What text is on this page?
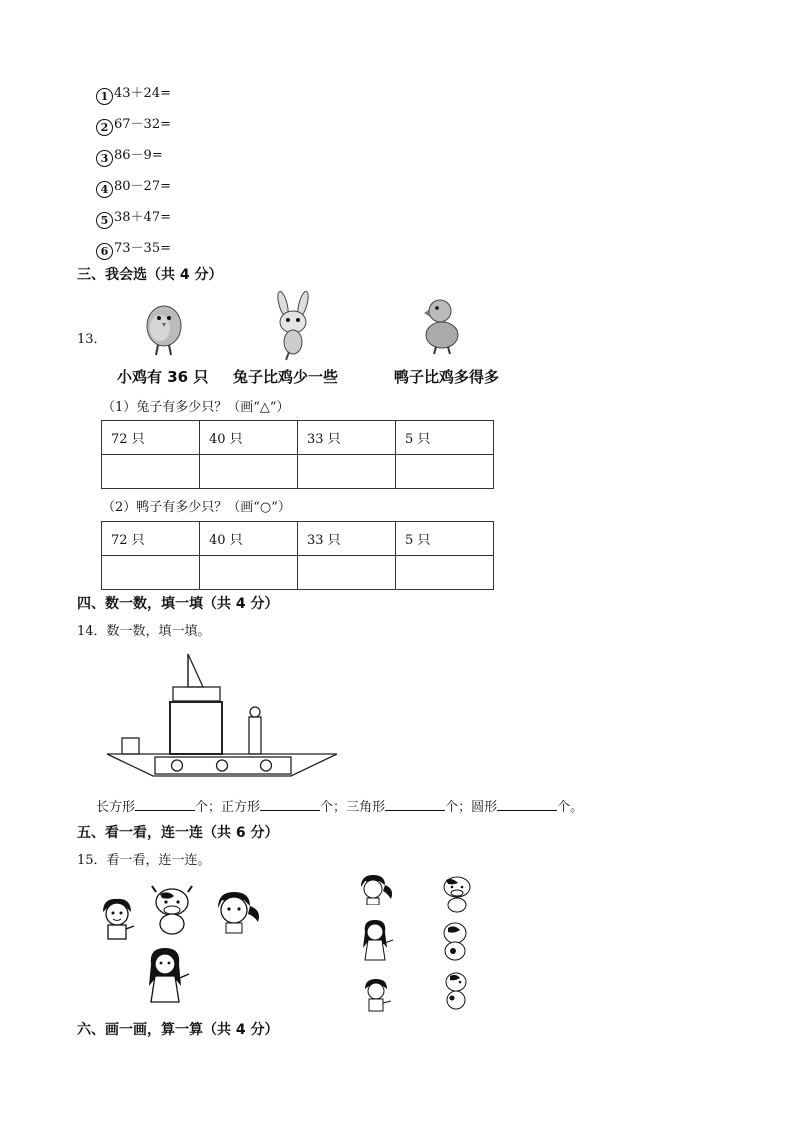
1 43＋24=
2 67－32=
3 86－9=
4 80－27=
5 38＋47=
6 73－35=
三、我会选（共 4 分）
13．
小鸡有 36 只 兔子比鸡少一些	鸭子比鸡多得多
（1）兔子有多少只？（画“△”）
72 只	40 只	33 只	5 只

（2）鸭子有多少只？（画“○”）
72 只	40 只	33 只	5 只

四、数一数，填一填（共 4 分）
14．数一数，填一填。
长方形	个；正方形	个；三角形	个；圆形	个。
五、看一看，连一连（共 6 分）
15．看一看，连一连。
六、画一画，算一算（共 4 分）
